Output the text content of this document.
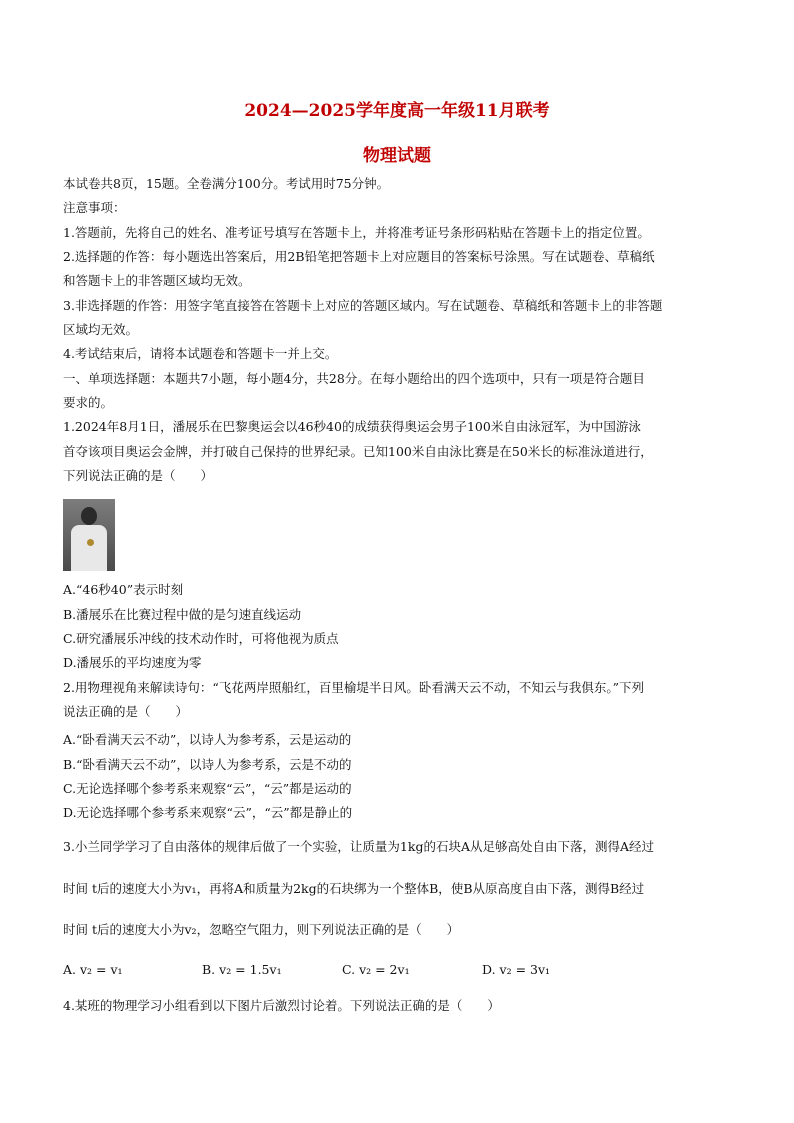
2024—2025学年度高一年级11月联考
物理试题
本试卷共8页，15题。全卷满分100分。考试用时75分钟。
注意事项：
1.答题前，先将自己的姓名、准考证号填写在答题卡上，并将准考证号条形码粘贴在答题卡上的指定位置。
2.选择题的作答：每小题选出答案后，用2B铅笔把答题卡上对应题目的答案标号涂黑。写在试题卷、草稿纸
和答题卡上的非答题区域均无效。
3.非选择题的作答：用签字笔直接答在答题卡上对应的答题区域内。写在试题卷、草稿纸和答题卡上的非答题
区域均无效。
4.考试结束后，请将本试题卷和答题卡一并上交。
一、单项选择题：本题共7小题，每小题4分，共28分。在每小题给出的四个选项中，只有一项是符合题目
要求的。
1.2024年8月1日，潘展乐在巴黎奥运会以46秒40的成绩获得奥运会男子100米自由泳冠军，为中国游泳
首夺该项目奥运会金牌，并打破自己保持的世界纪录。已知100米自由泳比赛是在50米长的标准泳道进行，
下列说法正确的是（　　）
A.“46秒40”表示时刻
B.潘展乐在比赛过程中做的是匀速直线运动
C.研究潘展乐冲线的技术动作时，可将他视为质点
D.潘展乐的平均速度为零
2.用物理视角来解读诗句：“飞花两岸照船红，百里榆堤半日风。卧看满天云不动，不知云与我俱东。”下列
说法正确的是（　　）
A.“卧看满天云不动”，以诗人为参考系，云是运动的
B.“卧看满天云不动”，以诗人为参考系，云是不动的
C.无论选择哪个参考系来观察“云”，“云”都是运动的
D.无论选择哪个参考系来观察“云”，“云”都是静止的
3.小兰同学学习了自由落体的规律后做了一个实验，让质量为1kg的石块A从足够高处自由下落，测得A经过
时间 t后的速度大小为v₁，再将A和质量为2kg的石块绑为一个整体B，使B从原高度自由下落，测得B经过
时间 t后的速度大小为v₂，忽略空气阻力，则下列说法正确的是（　　）
A. v₂ = v₁	B. v₂ = 1.5v₁	C. v₂ = 2v₁	D. v₂ = 3v₁
4.某班的物理学习小组看到以下图片后激烈讨论着。下列说法正确的是（　　）
